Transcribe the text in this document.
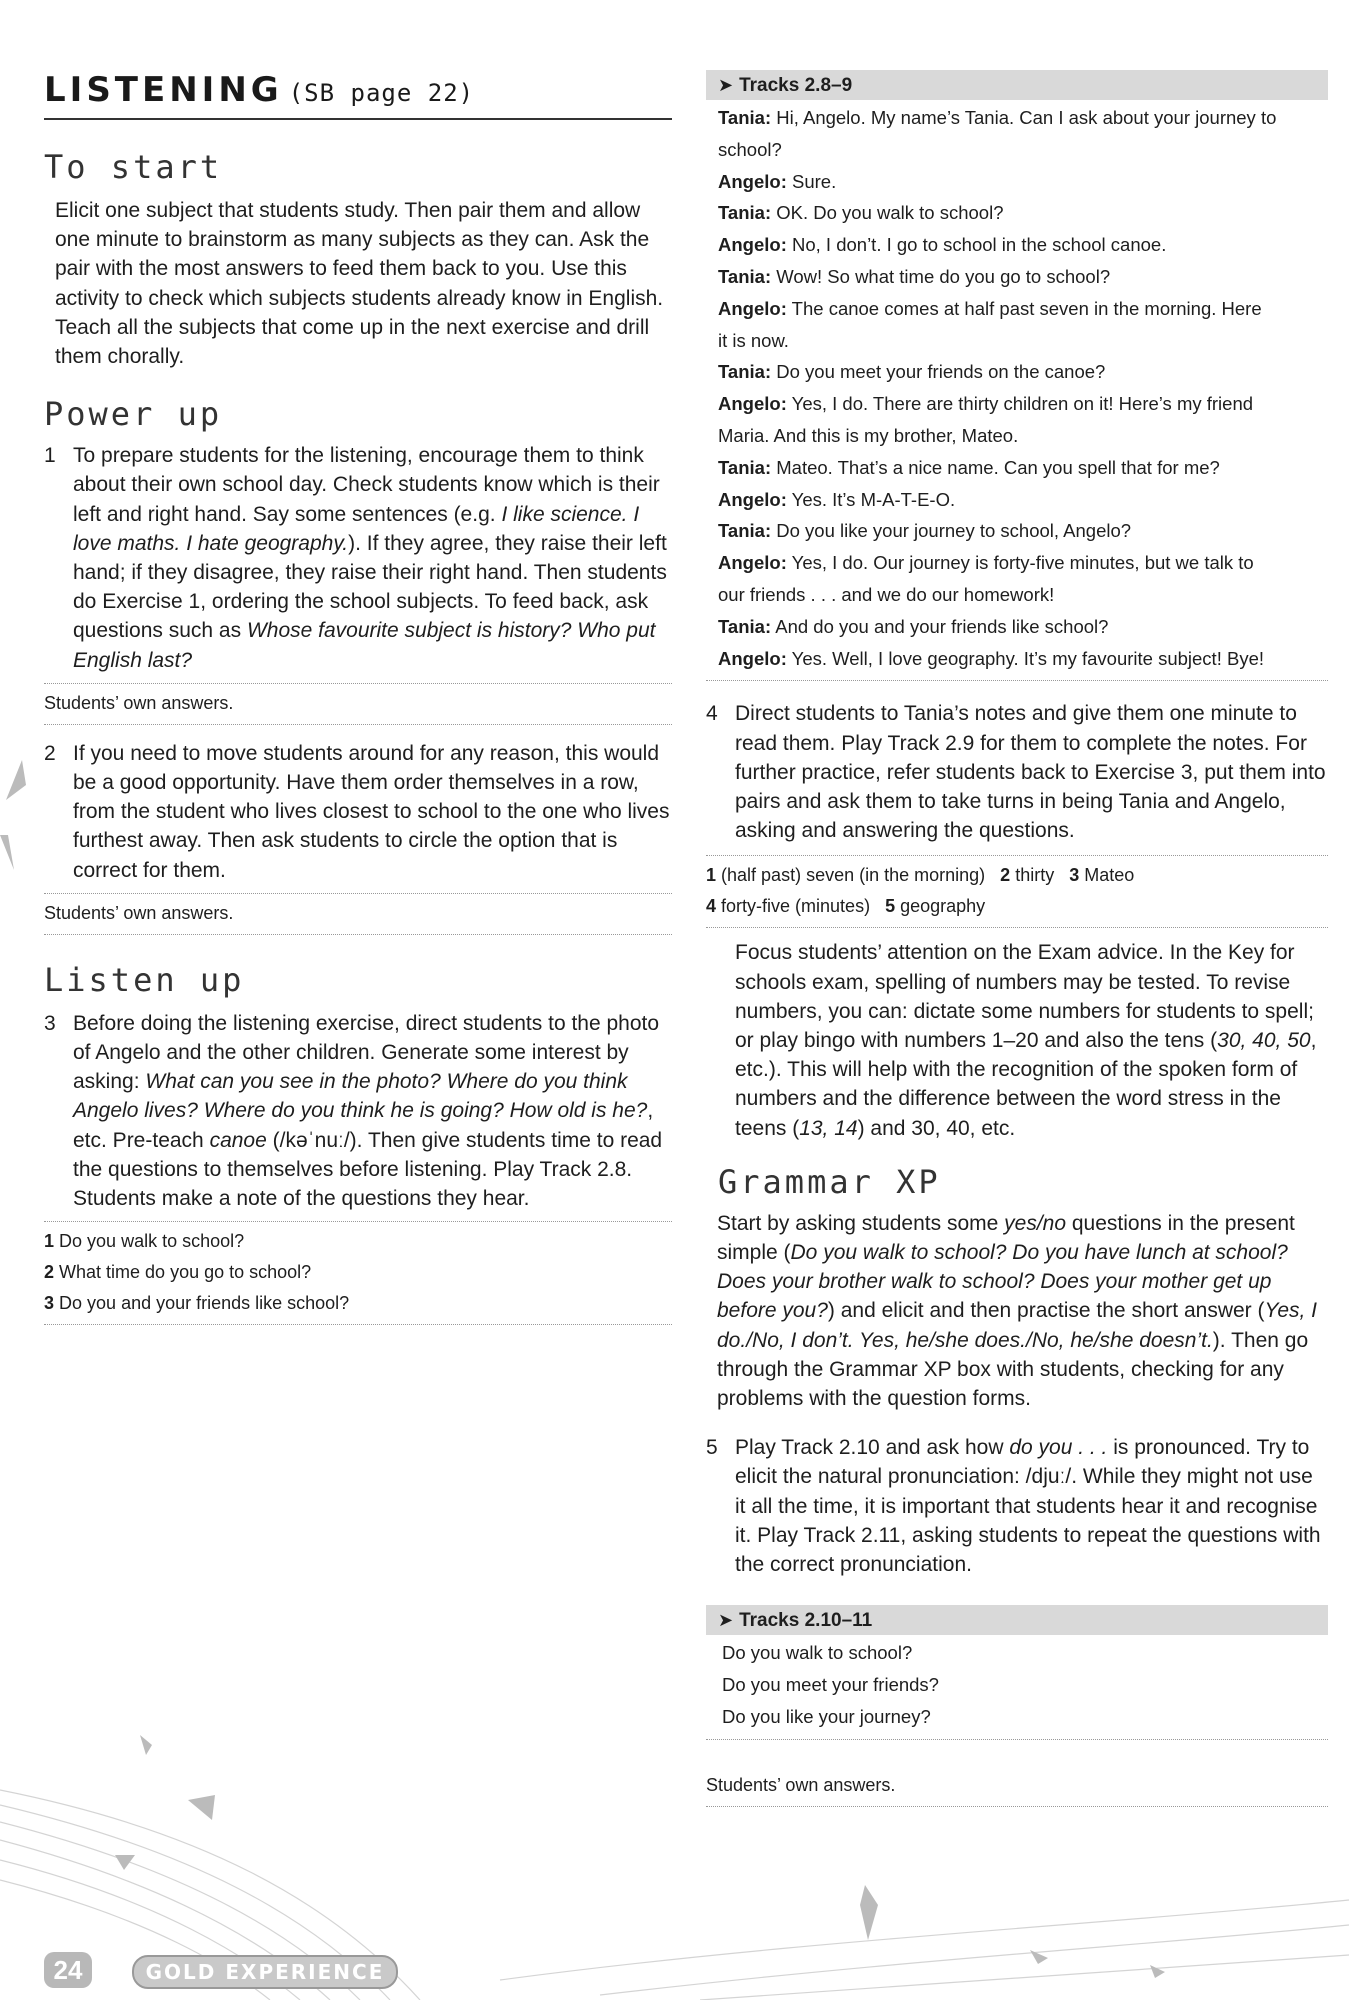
LISTENING (SB page 22)
To start

Elicit one subject that students study. Then pair them and allow one minute to brainstorm as many subjects as they can. Ask the pair with the most answers to feed them back to you. Use this activity to check which subjects students already know in English. Teach all the subjects that come up in the next exercise and drill them chorally.

Power up
1 To prepare students for the listening, encourage them to think about their own school day. Check students know which is their left and right hand. Say some sentences (e.g. I like science. I love maths. I hate geography.). If they agree, they raise their left hand; if they disagree, they raise their right hand. Then students do Exercise 1, ordering the school subjects. To feed back, ask questions such as Whose favourite subject is history? Who put English last?
Students’ own answers.
2 If you need to move students around for any reason, this would be a good opportunity. Have them order themselves in a row, from the student who lives closest to school to the one who lives furthest away. Then ask students to circle the option that is correct for them.
Students’ own answers.
Listen up
3 Before doing the listening exercise, direct students to the photo of Angelo and the other children. Generate some interest by asking: What can you see in the photo? Where do you think Angelo lives? Where do you think he is going? How old is he?, etc. Pre-teach canoe (/kəˈnuː/). Then give students time to read the questions to themselves before listening. Play Track 2.8. Students make a note of the questions they hear.
1 Do you walk to school?
2 What time do you go to school?
3 Do you and your friends like school?
➤ Tracks 2.8–9
Tania: Hi, Angelo. My name’s Tania. Can I ask about your journey to
school?
Angelo: Sure.
Tania: OK. Do you walk to school?
Angelo: No, I don’t. I go to school in the school canoe.
Tania: Wow! So what time do you go to school?
Angelo: The canoe comes at half past seven in the morning. Here
it is now.
Tania: Do you meet your friends on the canoe?
Angelo: Yes, I do. There are thirty children on it! Here’s my friend
Maria. And this is my brother, Mateo.
Tania: Mateo. That’s a nice name. Can you spell that for me?
Angelo: Yes. It’s M-A-T-E-O.
Tania: Do you like your journey to school, Angelo?
Angelo: Yes, I do. Our journey is forty-five minutes, but we talk to
our friends . . . and we do our homework!
Tania: And do you and your friends like school?
Angelo: Yes. Well, I love geography. It’s my favourite subject! Bye!
4 Direct students to Tania’s notes and give them one minute to read them. Play Track 2.9 for them to complete the notes. For further practice, refer students back to Exercise 3, put them into pairs and ask them to take turns in being Tania and Angelo, asking and answering the questions.
1 (half past) seven (in the morning) 2 thirty 3 Mateo
4 forty-five (minutes) 5 geography

Focus students’ attention on the Exam advice. In the Key for schools exam, spelling of numbers may be tested. To revise numbers, you can: dictate some numbers for students to spell; or play bingo with numbers 1–20 and also the tens (30, 40, 50, etc.). This will help with the recognition of the spoken form of numbers and the difference between the word stress in the teens (13, 14) and 30, 40, etc.

Grammar XP

Start by asking students some yes/no questions in the present simple (Do you walk to school? Do you have lunch at school? Does your brother walk to school? Does your mother get up before you?) and elicit and then practise the short answer (Yes, I do./No, I don’t. Yes, he/she does./No, he/she doesn’t.). Then go through the Grammar XP box with students, checking for any problems with the question forms.

5 Play Track 2.10 and ask how do you . . . is pronounced. Try to elicit the natural pronunciation: /djuː/. While they might not use it all the time, it is important that students hear it and recognise it. Play Track 2.11, asking students to repeat the questions with the correct pronunciation.
➤ Tracks 2.10–11
Do you walk to school?
Do you meet your friends?
Do you like your journey?
Students’ own answers.
24	GOLD EXPERIENCE
